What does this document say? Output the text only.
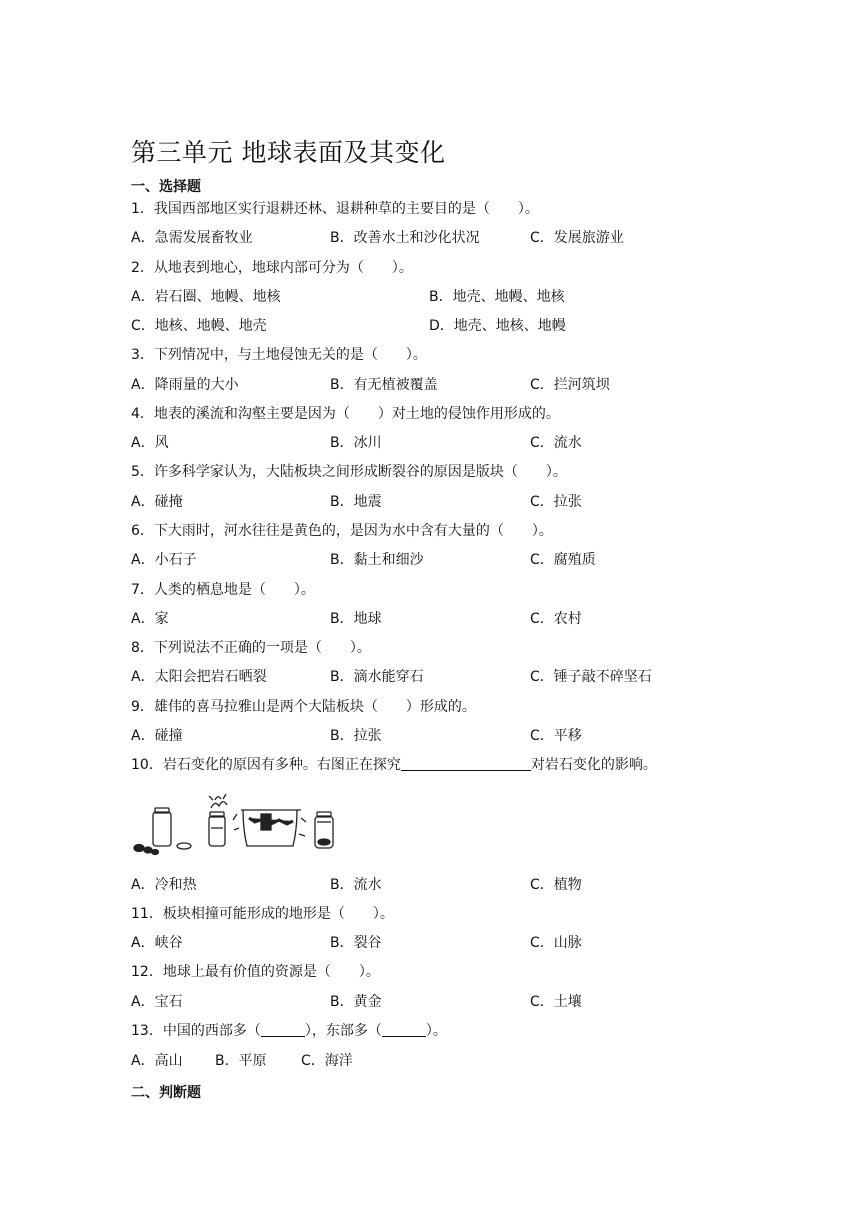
第三单元 地球表面及其变化
一、选择题
1．我国西部地区实行退耕还林、退耕种草的主要目的是（　　）。
A．急需发展畜牧业	B．改善水土和沙化状况	C．发展旅游业
2．从地表到地心，地球内部可分为（　　）。
A．岩石圈、地幔、地核	B．地壳、地幔、地核
C．地核、地幔、地壳	D．地壳、地核、地幔
3．下列情况中，与土地侵蚀无关的是（　　）。
A．降雨量的大小	B．有无植被覆盖	C．拦河筑坝
4．地表的溪流和沟壑主要是因为（　　）对土地的侵蚀作用形成的。
A．风	B．冰川	C．流水
5．许多科学家认为，大陆板块之间形成断裂谷的原因是版块（　　）。
A．碰掩	B．地震	C．拉张
6．下大雨时，河水往往是黄色的，是因为水中含有大量的（　　）。
A．小石子	B．黏土和细沙	C．腐殖质
7．人类的栖息地是（　　）。
A．家	B．地球	C．农村
8．下列说法不正确的一项是（　　）。
A．太阳会把岩石晒裂	B．滴水能穿石	C．锤子敲不碎坚石
9．雄伟的喜马拉雅山是两个大陆板块（　　）形成的。
A．碰撞	B．拉张	C．平移
10．岩石变化的原因有多种。右图正在探究	对岩石变化的影响。
A．冷和热	B．流水	C．植物
11．板块相撞可能形成的地形是（　　）。
A．峡谷	B．裂谷	C．山脉
12．地球上最有价值的资源是（　　）。
A．宝石	B．黄金	C．土壤
13．中国的西部多（	），东部多（	）。
A．高山 B．平原 C．海洋
二、判断题
